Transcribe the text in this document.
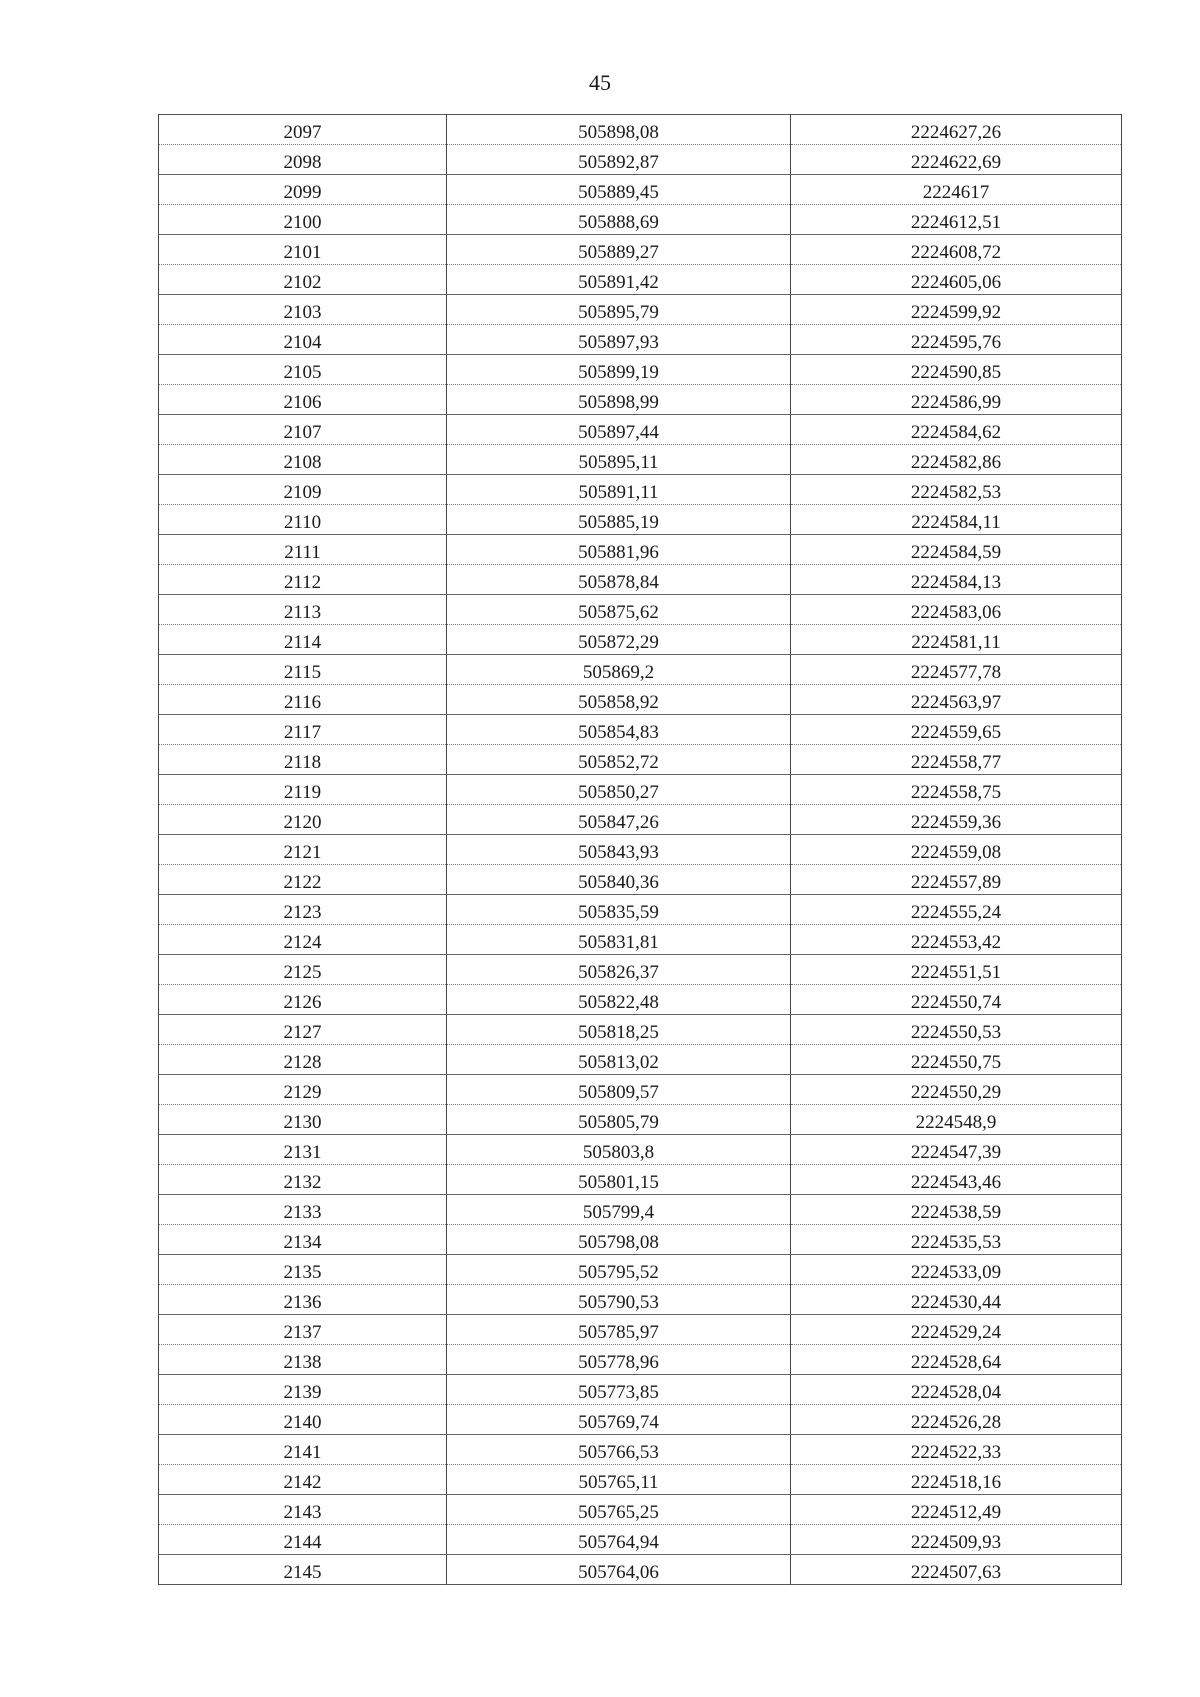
45
2097	505898,08	2224627,26
2098	505892,87	2224622,69
2099	505889,45	2224617
2100	505888,69	2224612,51
2101	505889,27	2224608,72
2102	505891,42	2224605,06
2103	505895,79	2224599,92
2104	505897,93	2224595,76
2105	505899,19	2224590,85
2106	505898,99	2224586,99
2107	505897,44	2224584,62
2108	505895,11	2224582,86
2109	505891,11	2224582,53
2110	505885,19	2224584,11
2111	505881,96	2224584,59
2112	505878,84	2224584,13
2113	505875,62	2224583,06
2114	505872,29	2224581,11
2115	505869,2	2224577,78
2116	505858,92	2224563,97
2117	505854,83	2224559,65
2118	505852,72	2224558,77
2119	505850,27	2224558,75
2120	505847,26	2224559,36
2121	505843,93	2224559,08
2122	505840,36	2224557,89
2123	505835,59	2224555,24
2124	505831,81	2224553,42
2125	505826,37	2224551,51
2126	505822,48	2224550,74
2127	505818,25	2224550,53
2128	505813,02	2224550,75
2129	505809,57	2224550,29
2130	505805,79	2224548,9
2131	505803,8	2224547,39
2132	505801,15	2224543,46
2133	505799,4	2224538,59
2134	505798,08	2224535,53
2135	505795,52	2224533,09
2136	505790,53	2224530,44
2137	505785,97	2224529,24
2138	505778,96	2224528,64
2139	505773,85	2224528,04
2140	505769,74	2224526,28
2141	505766,53	2224522,33
2142	505765,11	2224518,16
2143	505765,25	2224512,49
2144	505764,94	2224509,93
2145	505764,06	2224507,63
